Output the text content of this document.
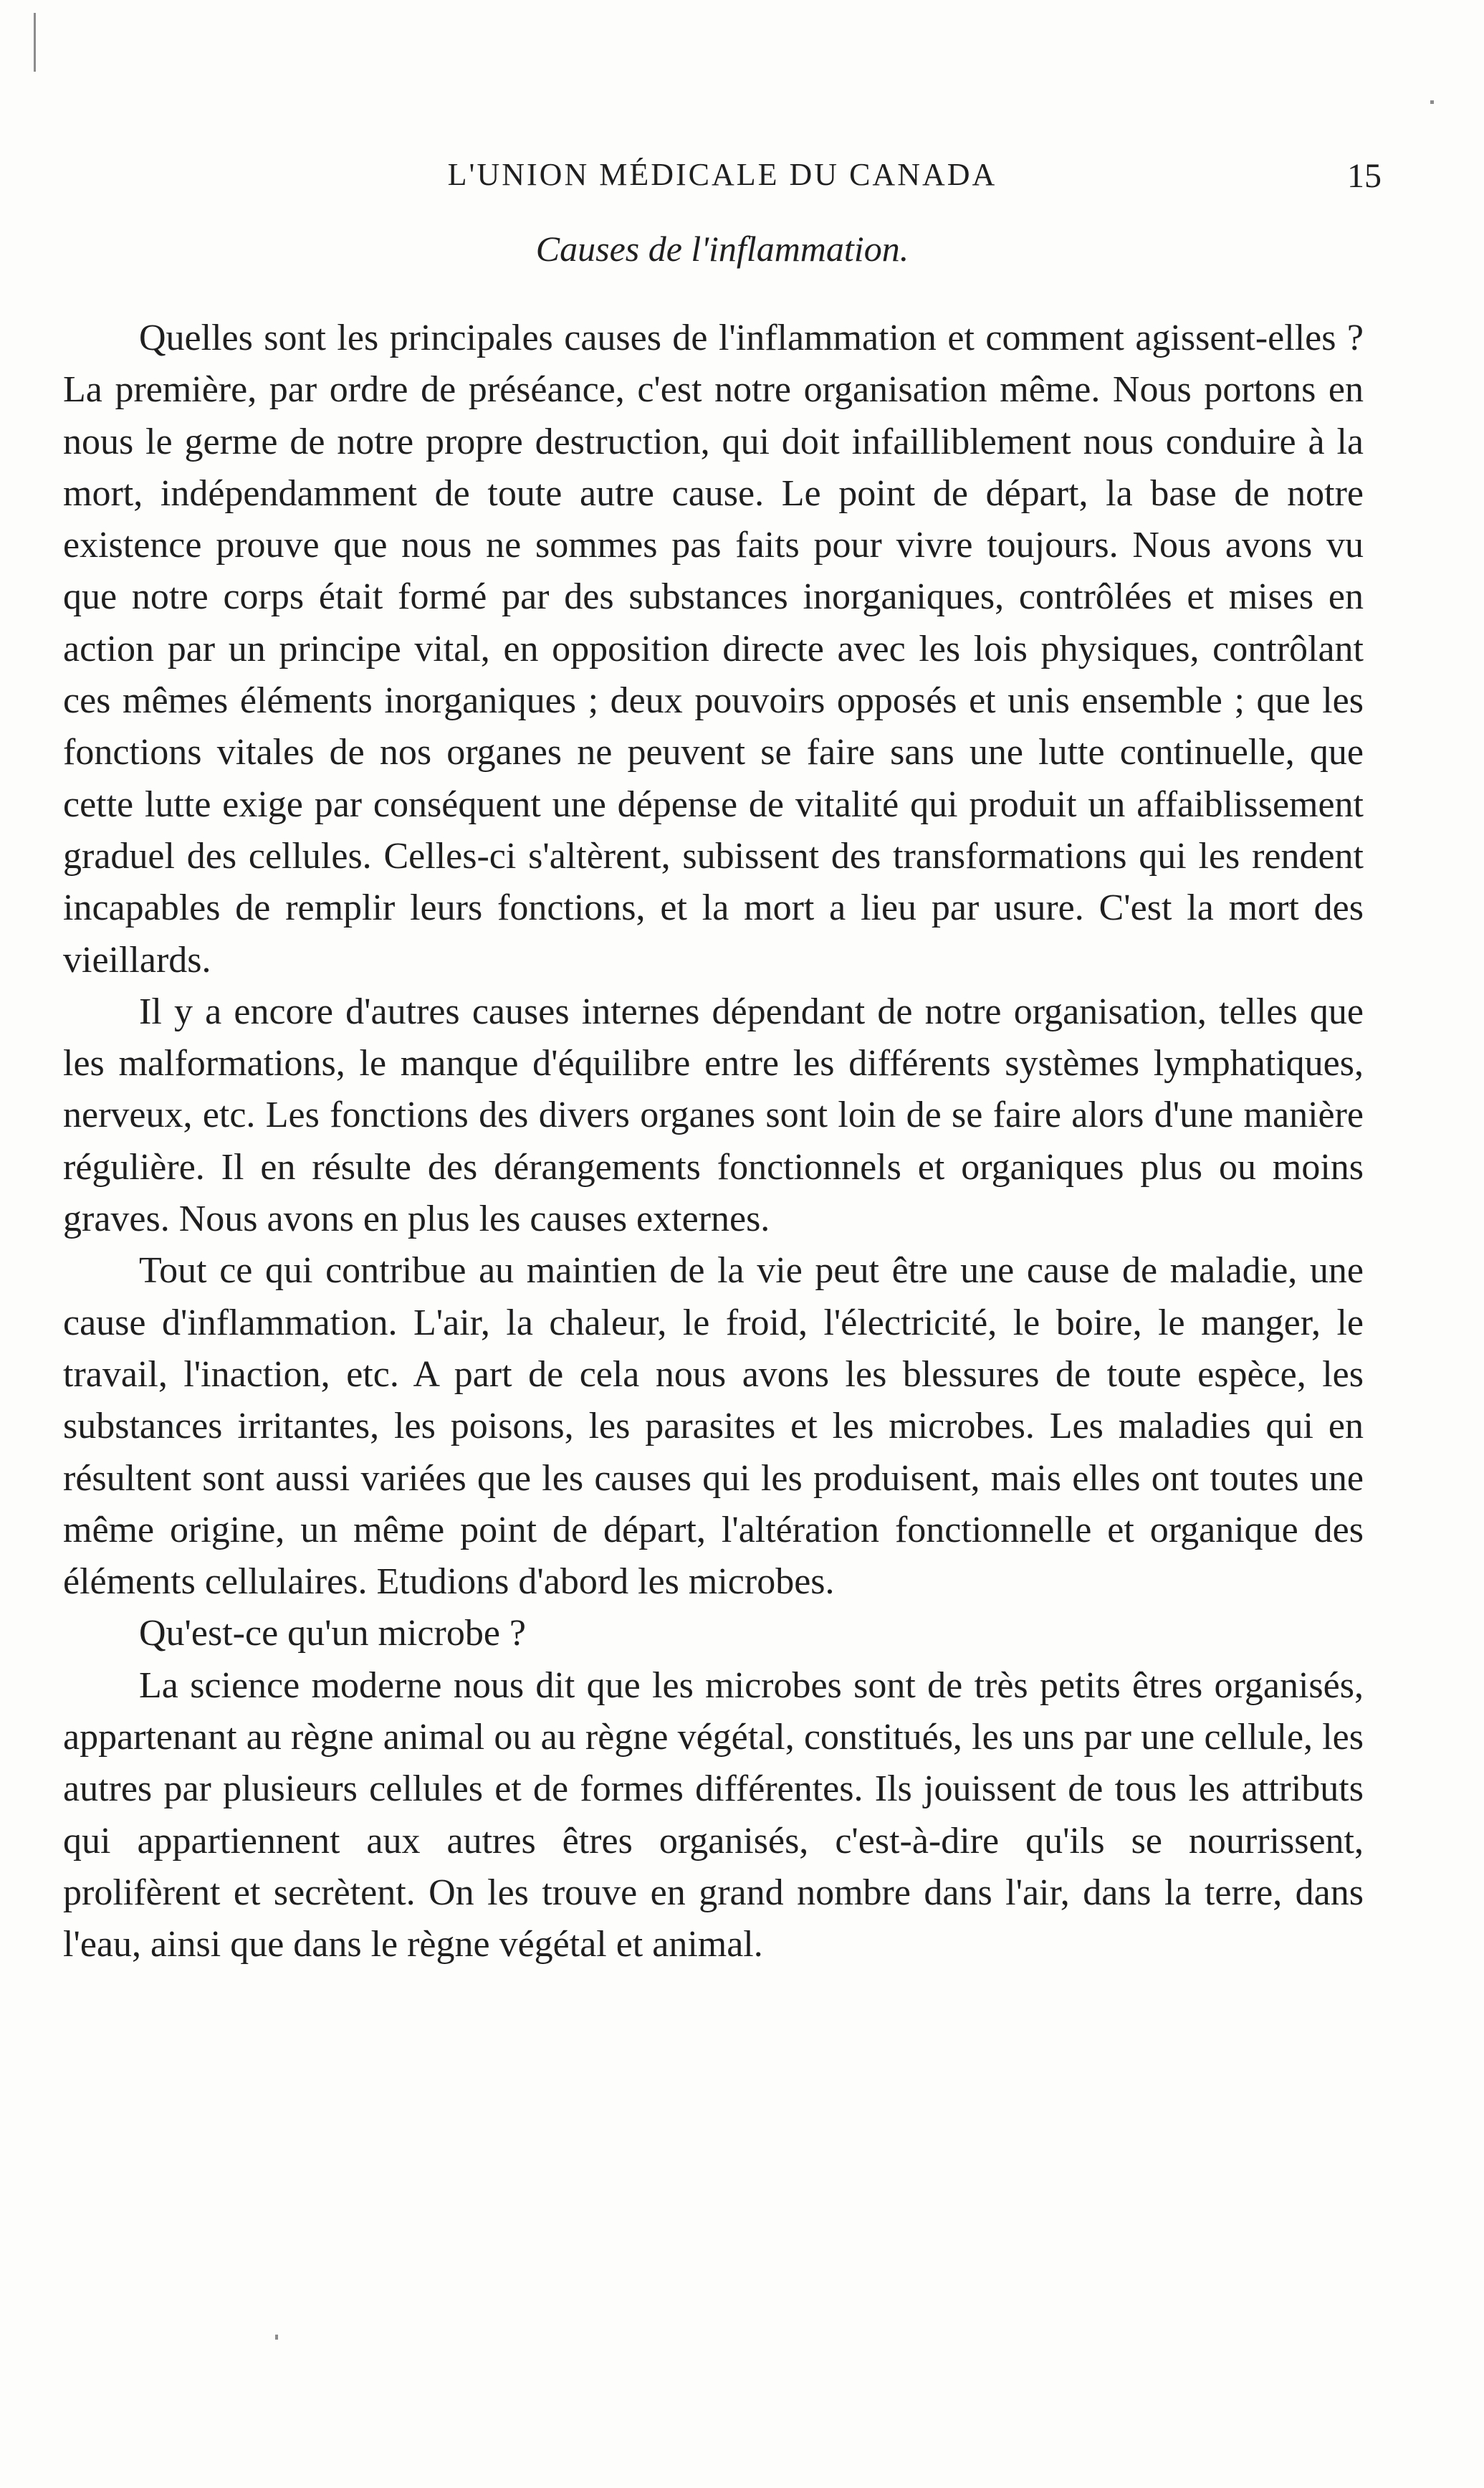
L'UNION MÉDICALE DU CANADA	15
Causes de l'inflammation.

Quelles sont les principales causes de l'inflammation et comment agissent-elles ? La première, par ordre de préséance, c'est notre organisation même. Nous portons en nous le germe de notre propre destruction, qui doit infailliblement nous conduire à la mort, indépendamment de toute autre cause. Le point de départ, la base de notre existence prouve que nous ne sommes pas faits pour vivre toujours. Nous avons vu que notre corps était formé par des substances inorganiques, contrôlées et mises en action par un principe vital, en opposition directe avec les lois physiques, contrôlant ces mêmes éléments inorganiques ; deux pouvoirs opposés et unis ensemble ; que les fonctions vitales de nos organes ne peuvent se faire sans une lutte continuelle, que cette lutte exige par conséquent une dépense de vitalité qui produit un affaiblissement graduel des cellules. Celles-ci s'altèrent, subissent des transformations qui les rendent incapables de remplir leurs fonctions, et la mort a lieu par usure. C'est la mort des vieillards.

Il y a encore d'autres causes internes dépendant de notre organisation, telles que les malformations, le manque d'équilibre entre les différents systèmes lymphatiques, nerveux, etc. Les fonctions des divers organes sont loin de se faire alors d'une manière régulière. Il en résulte des dérangements fonctionnels et organiques plus ou moins graves. Nous avons en plus les causes externes.

Tout ce qui contribue au maintien de la vie peut être une cause de maladie, une cause d'inflammation. L'air, la chaleur, le froid, l'électricité, le boire, le manger, le travail, l'inaction, etc. A part de cela nous avons les blessures de toute espèce, les substances irritantes, les poisons, les parasites et les microbes. Les maladies qui en résultent sont aussi variées que les causes qui les produisent, mais elles ont toutes une même origine, un même point de départ, l'altération fonctionnelle et organique des éléments cellulaires. Etudions d'abord les microbes.

Qu'est-ce qu'un microbe ?

La science moderne nous dit que les microbes sont de très petits êtres organisés, appartenant au règne animal ou au règne végétal, constitués, les uns par une cellule, les autres par plusieurs cellules et de formes différentes. Ils jouissent de tous les attributs qui appartiennent aux autres êtres organisés, c'est-à-dire qu'ils se nourrissent, prolifèrent et secrètent. On les trouve en grand nombre dans l'air, dans la terre, dans l'eau, ainsi que dans le règne végétal et animal.
